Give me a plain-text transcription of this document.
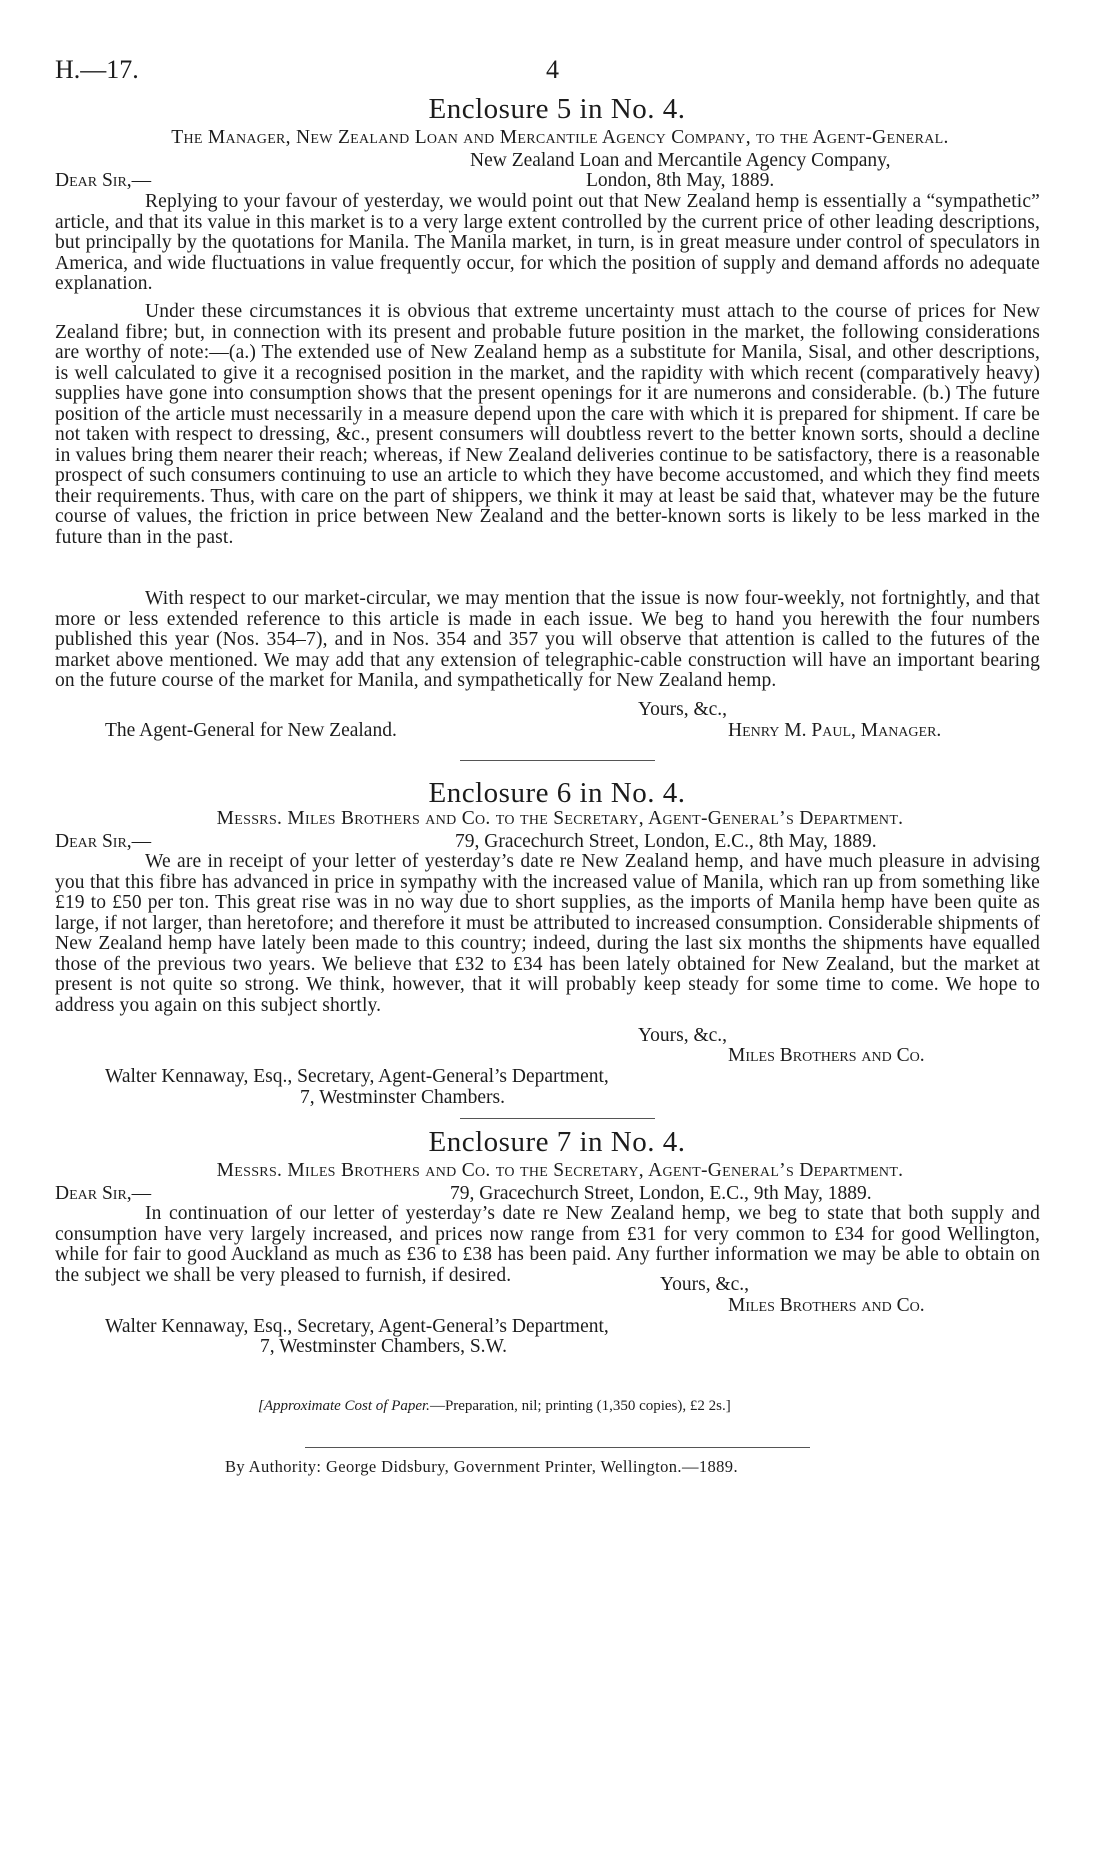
H.—17.	4
Enclosure 5 in No. 4.
The Manager, New Zealand Loan and Mercantile Agency Company, to the Agent-General.
New Zealand Loan and Mercantile Agency Company,
Dear Sir,—	London, 8th May, 1889.
Replying to your favour of yesterday, we would point out that New Zealand hemp is essentially a “sympathetic” article, and that its value in this market is to a very large extent controlled by the current price of other leading descriptions, but principally by the quotations for Manila. The Manila market, in turn, is in great measure under control of speculators in America, and wide fluctuations in value frequently occur, for which the position of supply and demand affords no adequate explanation.
Under these circumstances it is obvious that extreme uncertainty must attach to the course of prices for New Zealand fibre; but, in connection with its present and probable future position in the market, the following considerations are worthy of note:—(a.) The extended use of New Zealand hemp as a substitute for Manila, Sisal, and other descriptions, is well calculated to give it a recognised position in the market, and the rapidity with which recent (comparatively heavy) supplies have gone into consumption shows that the present openings for it are numerons and considerable. (b.) The future position of the article must necessarily in a measure depend upon the care with which it is prepared for shipment. If care be not taken with respect to dressing, &c., present consumers will doubtless revert to the better known sorts, should a decline in values bring them nearer their reach; whereas, if New Zealand deliveries continue to be satisfactory, there is a reasonable prospect of such consumers continuing to use an article to which they have become accustomed, and which they find meets their requirements. Thus, with care on the part of shippers, we think it may at least be said that, whatever may be the future course of values, the friction in price between New Zealand and the better-known sorts is likely to be less marked in the future than in the past.
With respect to our market-circular, we may mention that the issue is now four-weekly, not fortnightly, and that more or less extended reference to this article is made in each issue. We beg to hand you herewith the four numbers published this year (Nos. 354–7), and in Nos. 354 and 357 you will observe that attention is called to the futures of the market above mentioned. We may add that any extension of telegraphic-cable construction will have an important bearing on the future course of the market for Manila, and sympathetically for New Zealand hemp.
Yours, &c.,
The Agent-General for New Zealand.	Henry M. Paul, Manager.
Enclosure 6 in No. 4.
Messrs. Miles Brothers and Co. to the Secretary, Agent-General’s Department.
Dear Sir,—	79, Gracechurch Street, London, E.C., 8th May, 1889.
We are in receipt of your letter of yesterday’s date re New Zealand hemp, and have much pleasure in advising you that this fibre has advanced in price in sympathy with the increased value of Manila, which ran up from something like £19 to £50 per ton. This great rise was in no way due to short supplies, as the imports of Manila hemp have been quite as large, if not larger, than heretofore; and therefore it must be attributed to increased consumption. Considerable shipments of New Zealand hemp have lately been made to this country; indeed, during the last six months the shipments have equalled those of the previous two years. We believe that £32 to £34 has been lately obtained for New Zealand, but the market at present is not quite so strong. We think, however, that it will probably keep steady for some time to come. We hope to address you again on this subject shortly.
Yours, &c.,
Miles Brothers and Co.
Walter Kennaway, Esq., Secretary, Agent-General’s Department,
7, Westminster Chambers.
Enclosure 7 in No. 4.
Messrs. Miles Brothers and Co. to the Secretary, Agent-General’s Department.
Dear Sir,—	79, Gracechurch Street, London, E.C., 9th May, 1889.
In continuation of our letter of yesterday’s date re New Zealand hemp, we beg to state that both supply and consumption have very largely increased, and prices now range from £31 for very common to £34 for good Wellington, while for fair to good Auckland as much as £36 to £38 has been paid. Any further information we may be able to obtain on the subject we shall be very pleased to furnish, if desired.	Yours, &c.,
Miles Brothers and Co.
Walter Kennaway, Esq., Secretary, Agent-General’s Department,
7, Westminster Chambers, S.W.
[Approximate Cost of Paper.—Preparation, nil; printing (1,350 copies), £2 2s.]
By Authority: George Didsbury, Government Printer, Wellington.—1889.
